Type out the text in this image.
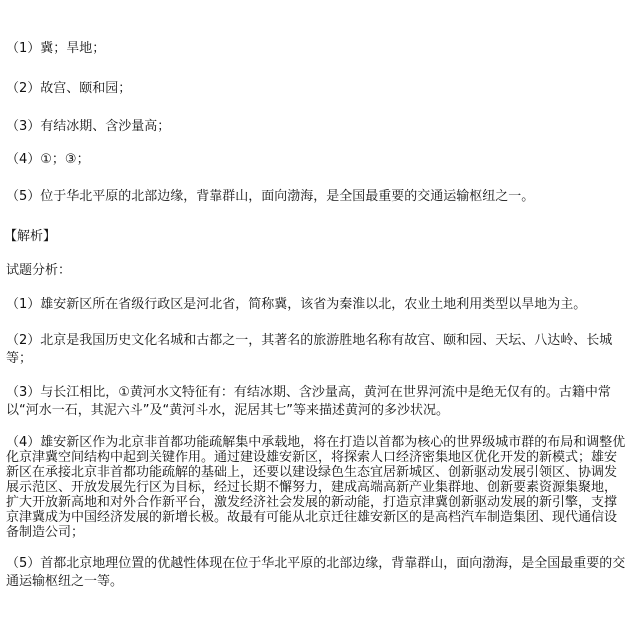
（1）冀；旱地；
（2）故宫、颐和园；
（3）有结冰期、含沙量高；
（4）①；③；
（5）位于华北平原的北部边缘，背靠群山，面向渤海，是全国最重要的交通运输枢纽之一。
【解析】
试题分析：
（1）雄安新区所在省级行政区是河北省，简称冀，该省为秦淮以北，农业土地利用类型以旱地为主。
（2）北京是我国历史文化名城和古都之一，其著名的旅游胜地名称有故宫、颐和园、天坛、八达岭、长城等；
（3）与长江相比，①黄河水文特征有：有结冰期、含沙量高，黄河在世界河流中是绝无仅有的。古籍中常以“河水一石，其泥六斗”及“黄河斗水，泥居其七”等来描述黄河的多沙状况。
（4）雄安新区作为北京非首都功能疏解集中承载地，将在打造以首都为核心的世界级城市群的布局和调整优化京津冀空间结构中起到关键作用。通过建设雄安新区，将探索人口经济密集地区优化开发的新模式；雄安新区在承接北京非首都功能疏解的基础上，还要以建设绿色生态宜居新城区、创新驱动发展引领区、协调发展示范区、开放发展先行区为目标，经过长期不懈努力，建成高端高新产业集群地、创新要素资源集聚地，扩大开放新高地和对外合作新平台，激发经济社会发展的新动能，打造京津冀创新驱动发展的新引擎，支撑京津冀成为中国经济发展的新增长极。故最有可能从北京迁往雄安新区的是高档汽车制造集团、现代通信设备制造公司；
（5）首都北京地理位置的优越性体现在位于华北平原的北部边缘，背靠群山，面向渤海，是全国最重要的交通运输枢纽之一等。
